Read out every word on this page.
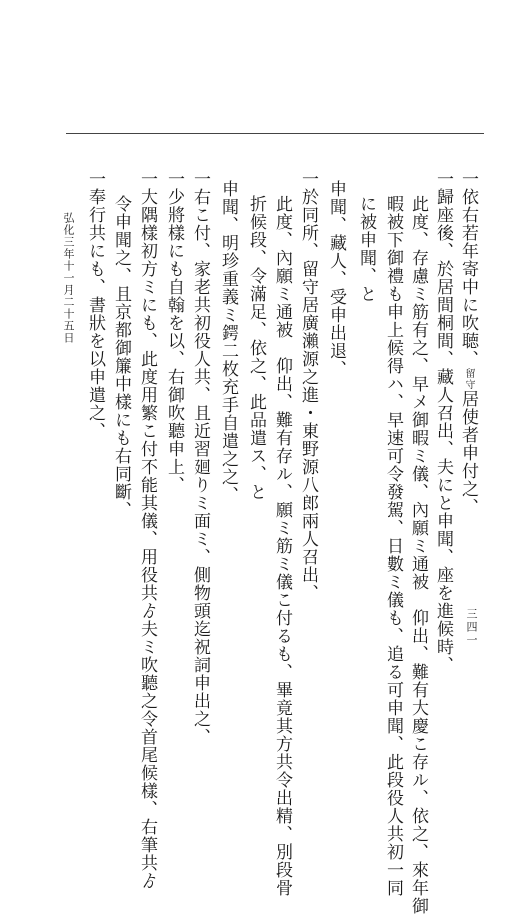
一依右若年寄中に吹聴、留守居使者申付之、
一歸座後、於居間桐間、藏人召出、夫にと申聞、座を進候時、
此度、存慮ミ筋有之、早メ御暇ミ儀、內願ミ通被　仰出、難有大慶こ存ル、依之、來年御
暇被下御禮も申上候得ハ、早速可令發駕、日數ミ儀も、追る可申聞、此段役人共初一同
に被申聞、と
申聞、藏人、受申出退、
一於同所、留守居廣瀨源之進・東野源八郎兩人召出、
此度、內願ミ通被　仰出、難有存ル、願ミ筋ミ儀こ付るも、畢竟其方共令出精、別段骨
折候段、令滿足、依之、此品遣ス、と
申聞、明珍重義ミ鍔二枚充手自遣之之、
一右こ付、家老共初役人共、且近習廻りミ面ミ、側物頭迄祝詞申出之、
一少將樣にも自翰を以、右御吹聽申上、
一大隅樣初方ミにも、此度用繁こ付不能其儀、用役共ゟ夫ミ吹聽之令首尾候樣、右筆共ゟ
令申聞之、且京都御簾中樣にも右同斷、
一奉行共にも、書狀を以申遣之、
弘化三年十一月二十五日
三四一
